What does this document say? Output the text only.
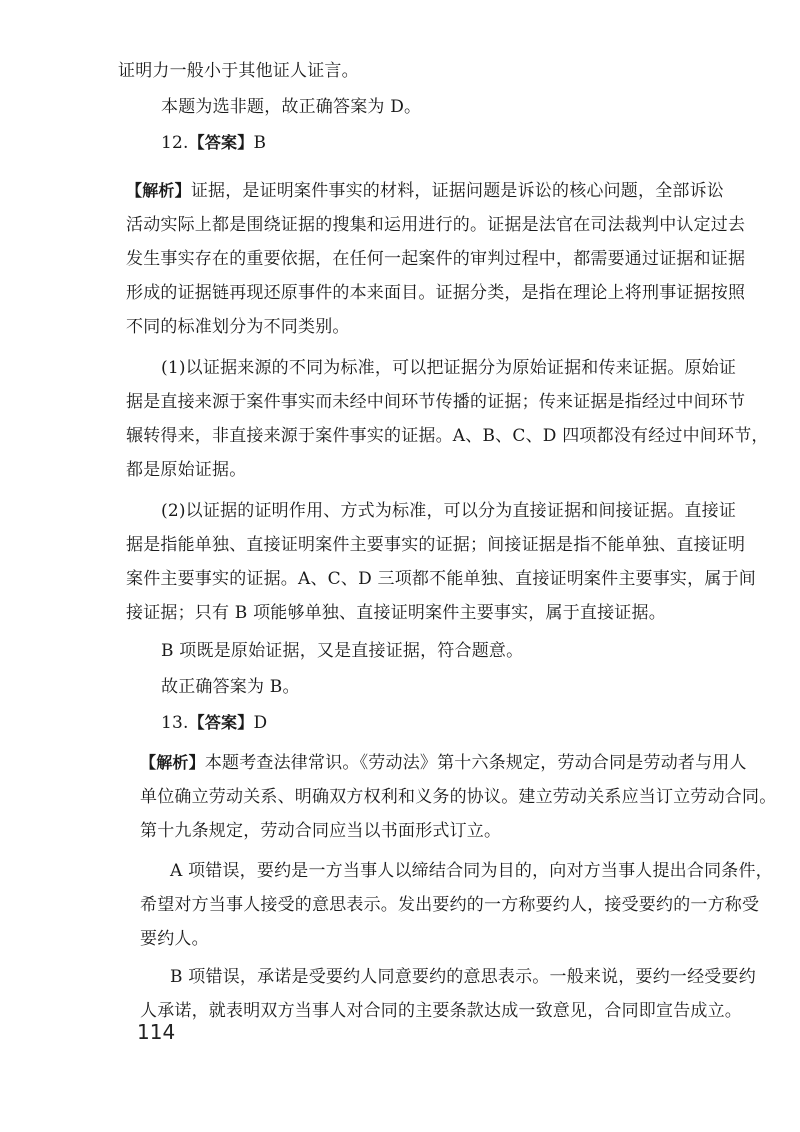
证明力一般小于其他证人证言。
本题为选非题，故正确答案为 D。
12.【答案】B
【解析】证据，是证明案件事实的材料，证据问题是诉讼的核心问题，全部诉讼
活动实际上都是围绕证据的搜集和运用进行的。证据是法官在司法裁判中认定过去
发生事实存在的重要依据，在任何一起案件的审判过程中，都需要通过证据和证据
形成的证据链再现还原事件的本来面目。证据分类，是指在理论上将刑事证据按照
不同的标准划分为不同类别。
(1)以证据来源的不同为标准，可以把证据分为原始证据和传来证据。原始证
据是直接来源于案件事实而未经中间环节传播的证据；传来证据是指经过中间环节
辗转得来，非直接来源于案件事实的证据。A、B、C、D 四项都没有经过中间环节，
都是原始证据。
(2)以证据的证明作用、方式为标准，可以分为直接证据和间接证据。直接证
据是指能单独、直接证明案件主要事实的证据；间接证据是指不能单独、直接证明
案件主要事实的证据。A、C、D 三项都不能单独、直接证明案件主要事实，属于间
接证据；只有 B 项能够单独、直接证明案件主要事实，属于直接证据。
B 项既是原始证据，又是直接证据，符合题意。
故正确答案为 B。
13.【答案】D
【解析】本题考查法律常识。《劳动法》第十六条规定，劳动合同是劳动者与用人
单位确立劳动关系、明确双方权利和义务的协议。建立劳动关系应当订立劳动合同。
第十九条规定，劳动合同应当以书面形式订立。
A 项错误，要约是一方当事人以缔结合同为目的，向对方当事人提出合同条件，
希望对方当事人接受的意思表示。发出要约的一方称要约人，接受要约的一方称受
要约人。
B 项错误，承诺是受要约人同意要约的意思表示。一般来说，要约一经受要约
人承诺，就表明双方当事人对合同的主要条款达成一致意见，合同即宣告成立。
114
